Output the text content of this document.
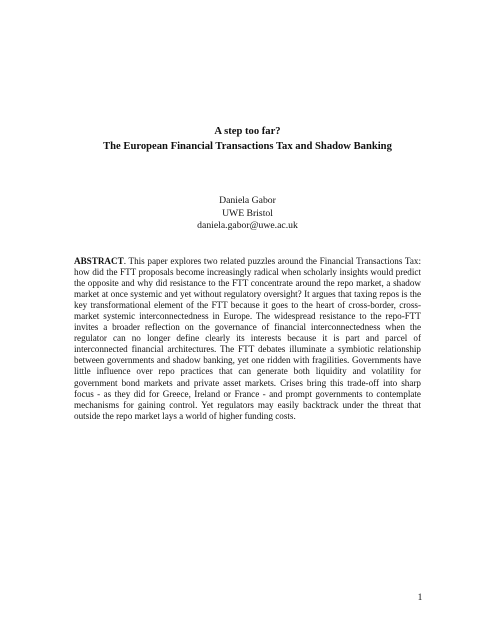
A step too far?
The European Financial Transactions Tax and Shadow Banking
Daniela Gabor
UWE Bristol
daniela.gabor@uwe.ac.uk
ABSTRACT. This paper explores two related puzzles around the Financial Transactions Tax: how did the FTT proposals become increasingly radical when scholarly insights would predict the opposite and why did resistance to the FTT concentrate around the repo market, a shadow market at once systemic and yet without regulatory oversight? It argues that taxing repos is the key transformational element of the FTT because it goes to the heart of cross-border, cross-market systemic interconnectedness in Europe. The widespread resistance to the repo-FTT invites a broader reflection on the governance of financial interconnectedness when the regulator can no longer define clearly its interests because it is part and parcel of interconnected financial architectures. The FTT debates illuminate a symbiotic relationship between governments and shadow banking, yet one ridden with fragilities. Governments have little influence over repo practices that can generate both liquidity and volatility for government bond markets and private asset markets. Crises bring this trade-off into sharp focus - as they did for Greece, Ireland or France - and prompt governments to contemplate mechanisms for gaining control. Yet regulators may easily backtrack under the threat that outside the repo market lays a world of higher funding costs.
1
